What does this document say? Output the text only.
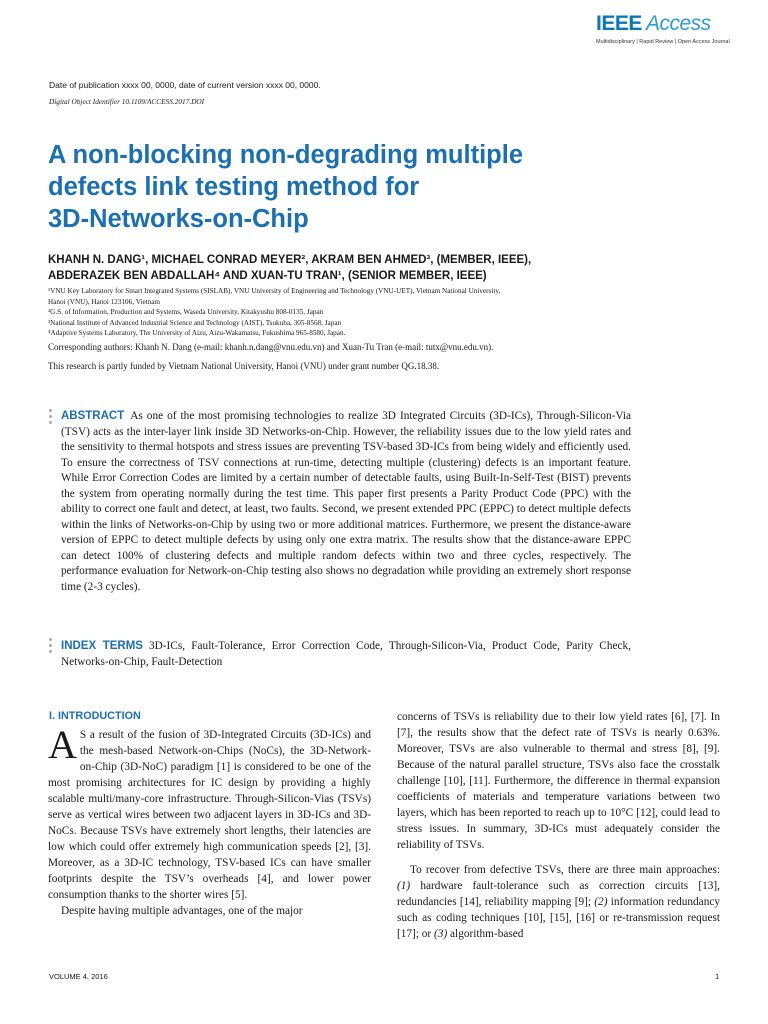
IEEE Access
Multidisciplinary | Rapid Review | Open Access Journal
Date of publication xxxx 00, 0000, date of current version xxxx 00, 0000.
Digital Object Identifier 10.1109/ACCESS.2017.DOI
A non-blocking non-degrading multiple
defects link testing method for
3D-Networks-on-Chip
KHANH N. DANG¹, MICHAEL CONRAD MEYER², AKRAM BEN AHMED³, (MEMBER, IEEE),
ABDERAZEK BEN ABDALLAH⁴ AND XUAN-TU TRAN¹, (SENIOR MEMBER, IEEE)
¹VNU Key Laboratory for Smart Integrated Systems (SISLAB), VNU University of Engineering and Technology (VNU-UET), Vietnam National University,
Hanoi (VNU), Hanoi 123106, Vietnam
²G.S. of Information, Production and Systems, Waseda University, Kitakyushu 808-0135, Japan
³National Institute of Advanced Industrial Science and Technology (AIST), Tsukuba, 305-8568, Japan
⁴Adaptive Systems Laboratory, The University of Aizu, Aizu-Wakamatsu, Fukushima 965-8580, Japan.
Corresponding authors: Khanh N. Dang (e-mail: khanh.n.dang@vnu.edu.vn) and Xuan-Tu Tran (e-mail: tutx@vnu.edu.vn).
This research is partly funded by Vietnam National University, Hanoi (VNU) under grant number QG.18.38.
ABSTRACT As one of the most promising technologies to realize 3D Integrated Circuits (3D-ICs), Through-Silicon-Via (TSV) acts as the inter-layer link inside 3D Networks-on-Chip. However, the reliability issues due to the low yield rates and the sensitivity to thermal hotspots and stress issues are preventing TSV-based 3D-ICs from being widely and efficiently used. To ensure the correctness of TSV connections at run-time, detecting multiple (clustering) defects is an important feature. While Error Correction Codes are limited by a certain number of detectable faults, using Built-In-Self-Test (BIST) prevents the system from operating normally during the test time. This paper first presents a Parity Product Code (PPC) with the ability to correct one fault and detect, at least, two faults. Second, we present extended PPC (EPPC) to detect multiple defects within the links of Networks-on-Chip by using two or more additional matrices. Furthermore, we present the distance-aware version of EPPC to detect multiple defects by using only one extra matrix. The results show that the distance-aware EPPC can detect 100% of clustering defects and multiple random defects within two and three cycles, respectively. The performance evaluation for Network-on-Chip testing also shows no degradation while providing an extremely short response time (2-3 cycles).
INDEX TERMS 3D-ICs, Fault-Tolerance, Error Correction Code, Through-Silicon-Via, Product Code, Parity Check, Networks-on-Chip, Fault-Detection
I. INTRODUCTION

A S a result of the fusion of 3D-Integrated Circuits (3D-ICs) and the mesh-based Network-on-Chips (NoCs), the 3D-Network-on-Chip (3D-NoC) paradigm [1] is considered to be one of the most promising architectures for IC design by providing a highly scalable multi/many-core infrastructure. Through-Silicon-Vias (TSVs) serve as vertical wires between two adjacent layers in 3D-ICs and 3D-NoCs. Because TSVs have extremely short lengths, their latencies are low which could offer extremely high communication speeds [2], [3]. Moreover, as a 3D-IC technology, TSV-based ICs can have smaller footprints despite the TSV’s overheads [4], and lower power consumption thanks to the shorter wires [5].

Despite having multiple advantages, one of the major

concerns of TSVs is reliability due to their low yield rates [6], [7]. In [7], the results show that the defect rate of TSVs is nearly 0.63%. Moreover, TSVs are also vulnerable to thermal and stress [8], [9]. Because of the natural parallel structure, TSVs also face the crosstalk challenge [10], [11]. Furthermore, the difference in thermal expansion coefficients of materials and temperature variations between two layers, which has been reported to reach up to 10°C [12], could lead to stress issues. In summary, 3D-ICs must adequately consider the reliability of TSVs.

To recover from defective TSVs, there are three main approaches: (1) hardware fault-tolerance such as correction circuits [13], redundancies [14], reliability mapping [9]; (2) information redundancy such as coding techniques [10], [15], [16] or re-transmission request [17]; or (3) algorithm-based

VOLUME 4, 2016	1
